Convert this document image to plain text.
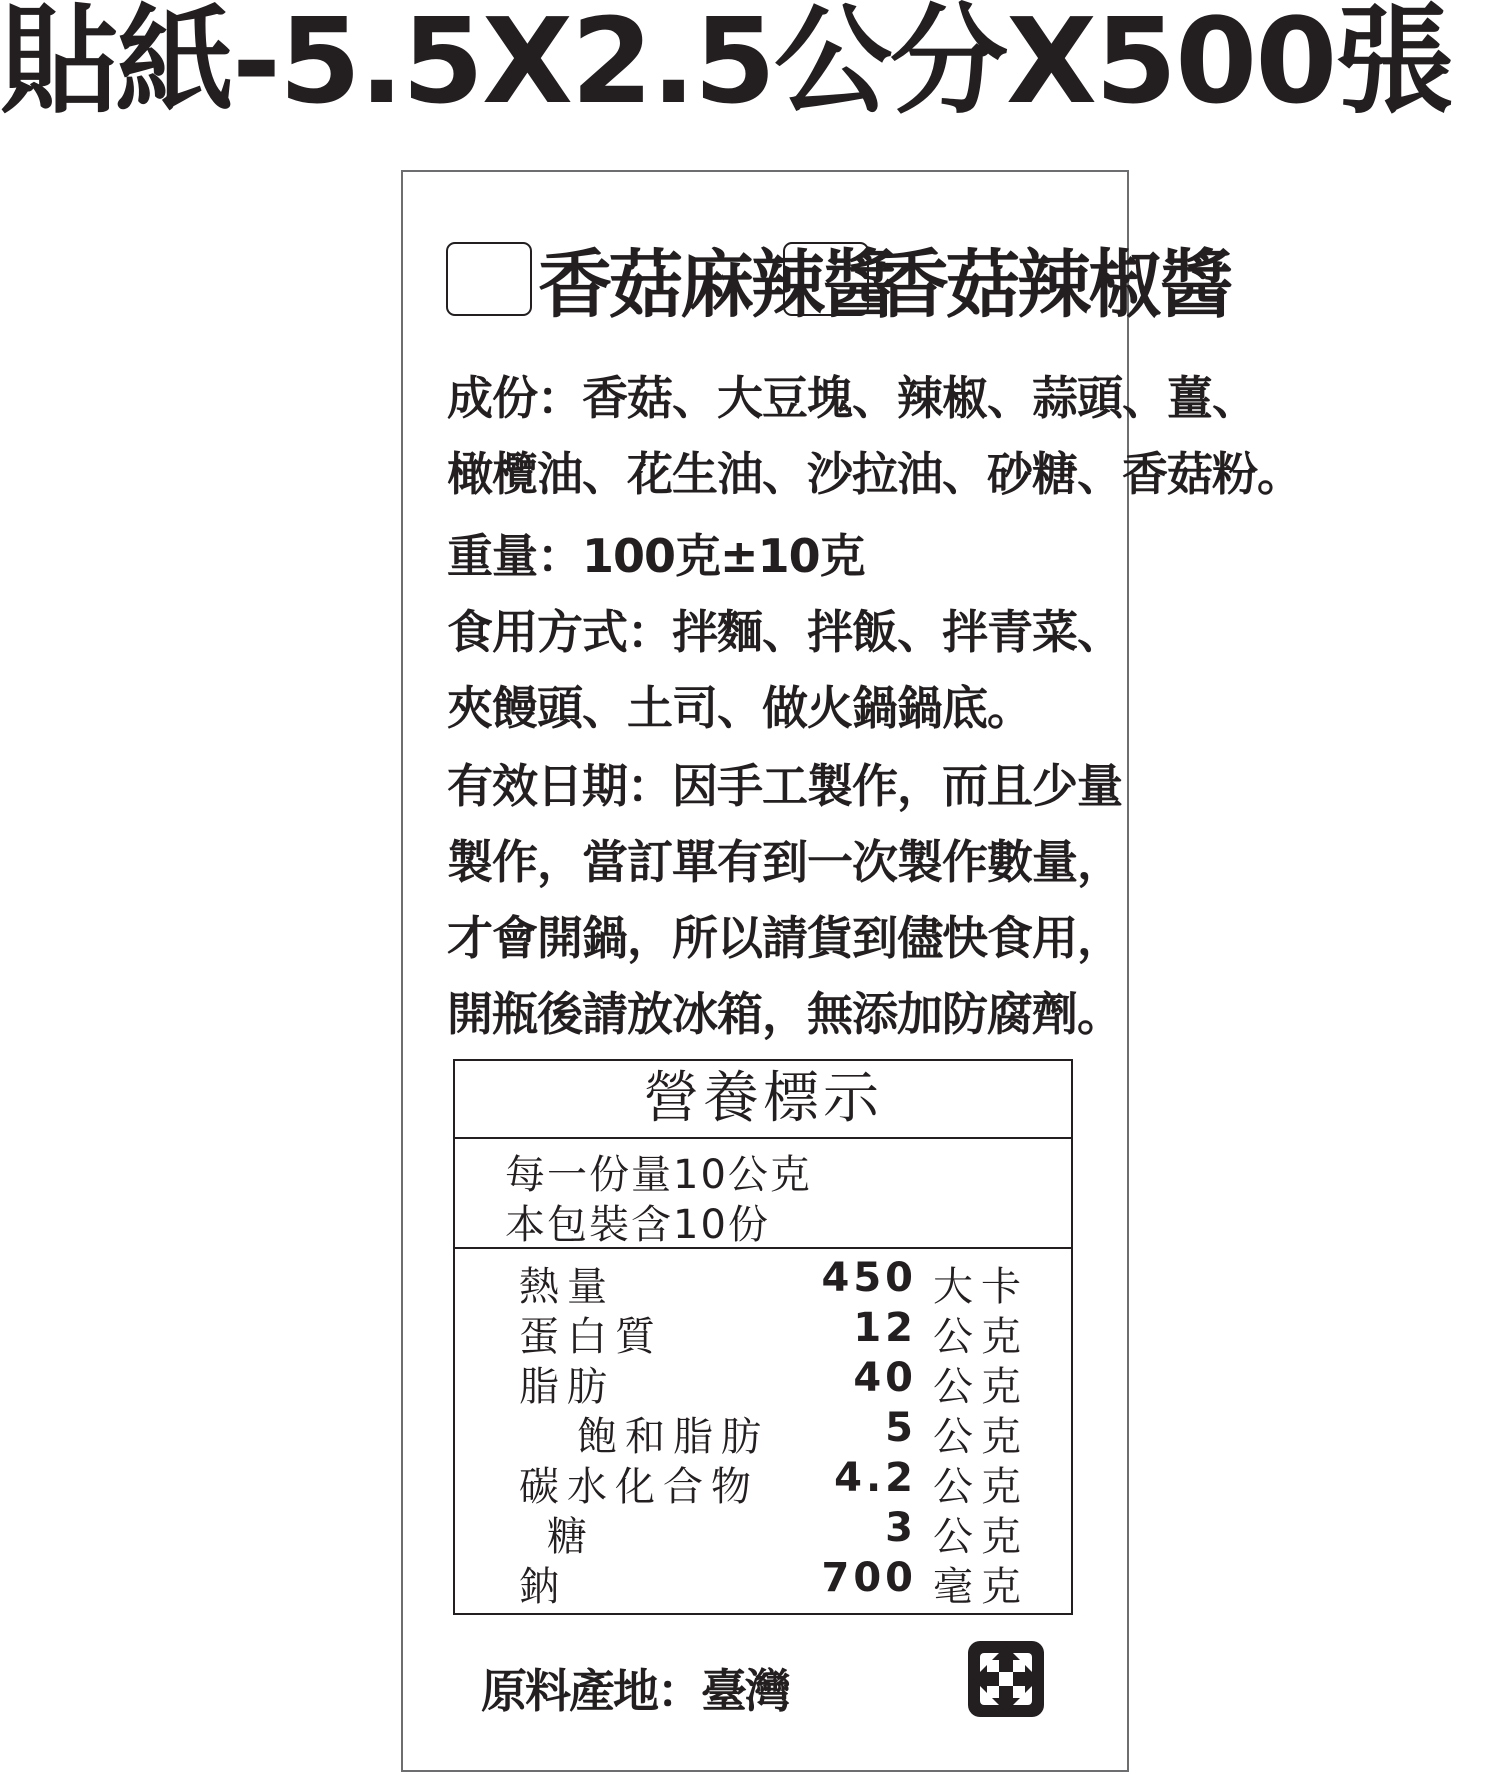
貼紙-5.5X2.5公分X500張
香菇麻辣醬
香菇辣椒醬
成份：香菇、大豆塊、辣椒、蒜頭、薑、
橄欖油、花生油、沙拉油、砂糖、香菇粉。
重量：100克±10克
食用方式：拌麵、拌飯、拌青菜、
夾饅頭、土司、做火鍋鍋底。
有效日期：因手工製作，而且少量
製作，當訂單有到一次製作數量，
才會開鍋，所以請貨到儘快食用，
開瓶後請放冰箱，無添加防腐劑。
營養標示
每一份量10公克
本包裝含10份
熱量	450 大卡
蛋白質	12 公克
脂肪	40 公克
飽和脂肪	5 公克
碳水化合物 4.2 公克
糖	3 公克
鈉	700 毫克
原料產地：臺灣
